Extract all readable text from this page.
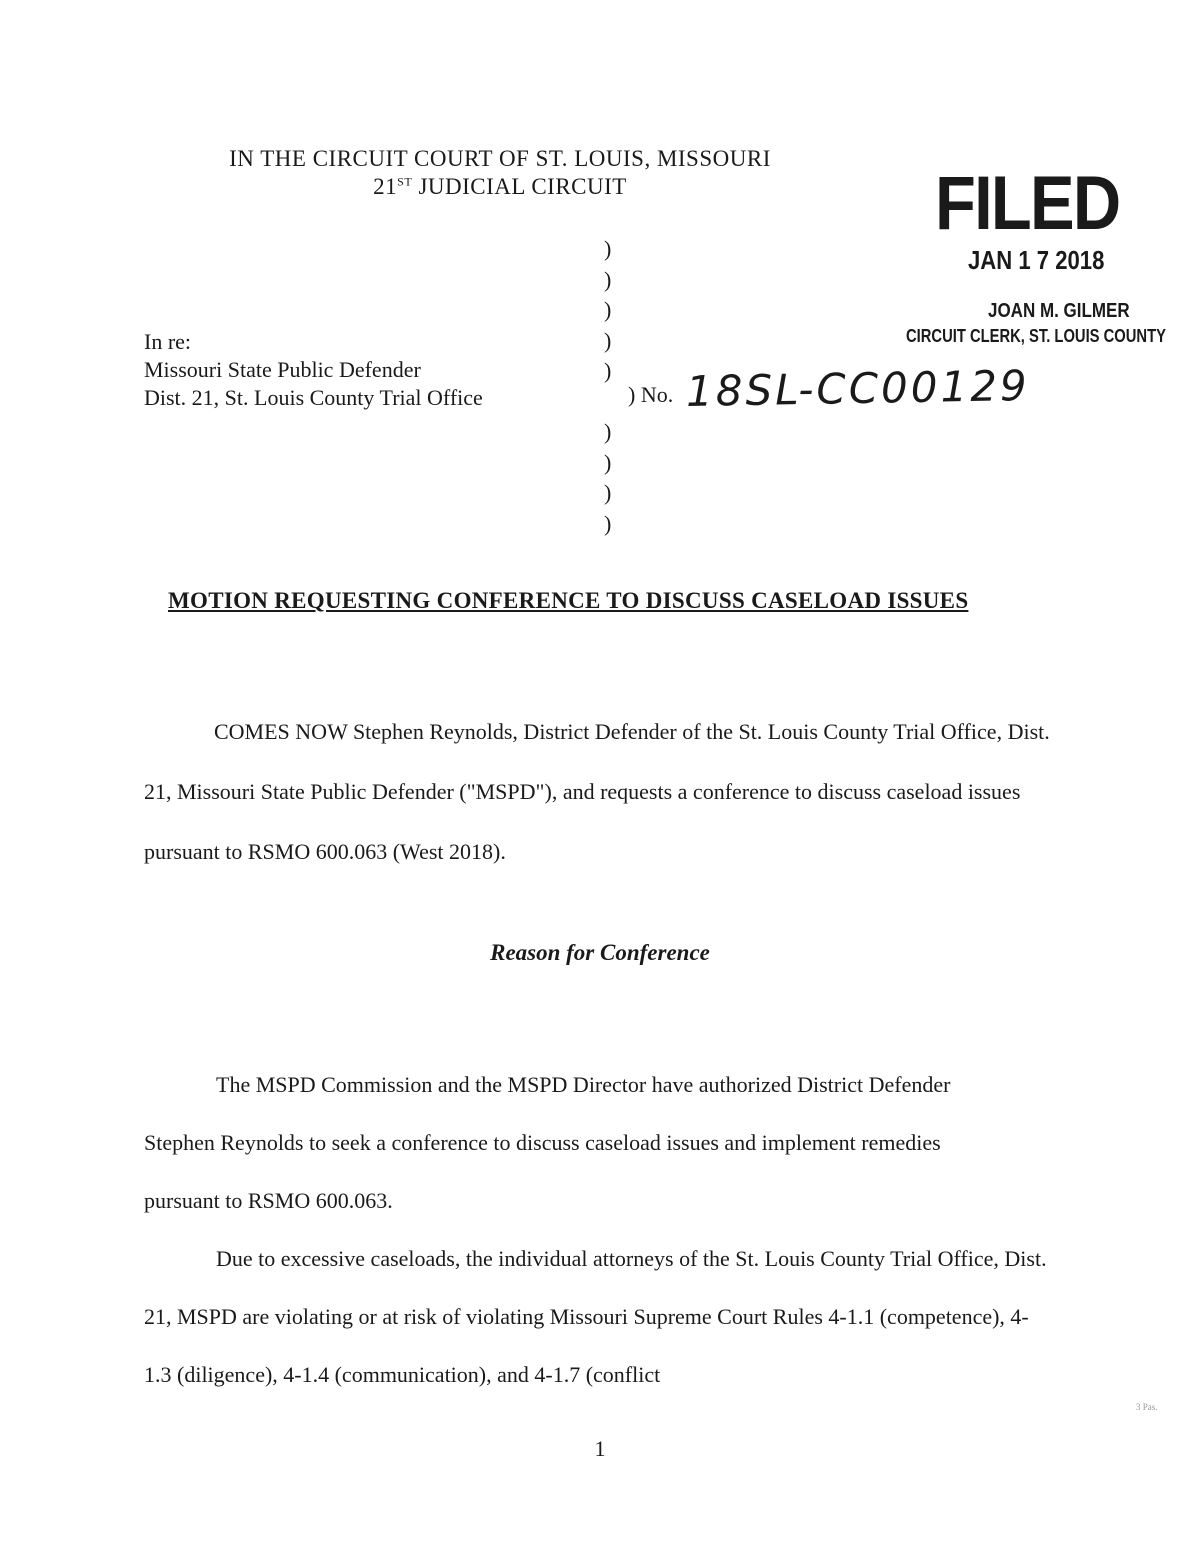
IN THE CIRCUIT COURT OF ST. LOUIS, MISSOURI
21ST JUDICIAL CIRCUIT	FILED
JAN 1 7 2018
JOAN M. GILMER
CIRCUIT CLERK, ST. LOUIS COUNTY
)
)
)
)
)
)
)
)
)
In re:
Missouri State Public Defender
Dist. 21, St. Louis County Trial Office	) No. 18SL-CC00129
MOTION REQUESTING CONFERENCE TO DISCUSS CASELOAD ISSUES
COMES NOW Stephen Reynolds, District Defender of the St. Louis County Trial Office, Dist. 21, Missouri State Public Defender ("MSPD"), and requests a conference to discuss caseload issues pursuant to RSMO 600.063 (West 2018).
Reason for Conference
The MSPD Commission and the MSPD Director have authorized District Defender Stephen Reynolds to seek a conference to discuss caseload issues and implement remedies pursuant to RSMO 600.063.
Due to excessive caseloads, the individual attorneys of the St. Louis County Trial Office, Dist. 21, MSPD are violating or at risk of violating Missouri Supreme Court Rules 4-1.1 (competence), 4-1.3 (diligence), 4-1.4 (communication), and 4-1.7 (conflict
3 Pas.
1
